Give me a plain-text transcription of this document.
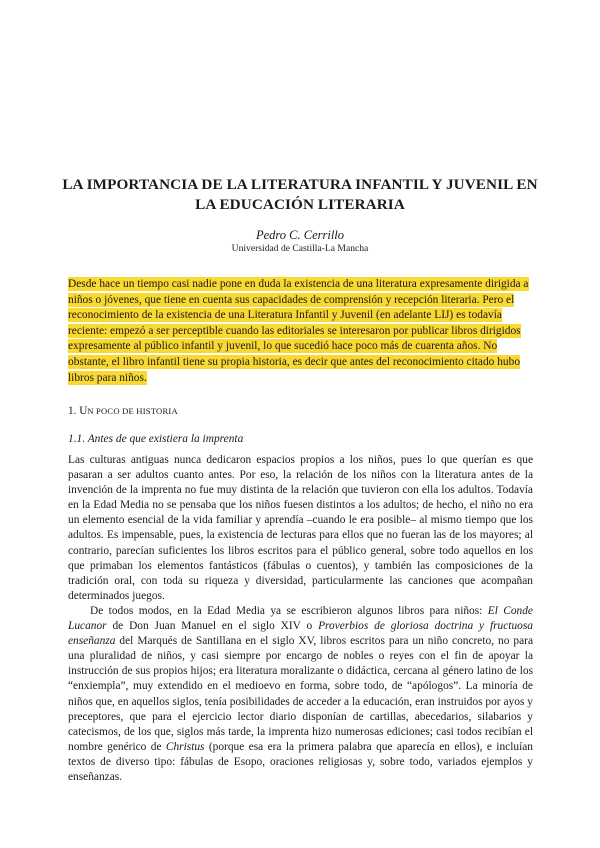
LA IMPORTANCIA DE LA LITERATURA INFANTIL Y JUVENIL EN LA EDUCACIÓN LITERARIA
Pedro C. Cerrillo
Universidad de Castilla-La Mancha
Desde hace un tiempo casi nadie pone en duda la existencia de una literatura expresamente dirigida a niños o jóvenes, que tiene en cuenta sus capacidades de comprensión y recepción literaria. Pero el reconocimiento de la existencia de una Literatura Infantil y Juvenil (en adelante LIJ) es todavía reciente: empezó a ser perceptible cuando las editoriales se interesaron por publicar libros dirigidos expresamente al público infantil y juvenil, lo que sucedió hace poco más de cuarenta años. No obstante, el libro infantil tiene su propia historia, es decir que antes del reconocimiento citado hubo libros para niños.
1. UN POCO DE HISTORIA
1.1. Antes de que existiera la imprenta

Las culturas antiguas nunca dedicaron espacios propios a los niños, pues lo que querían es que pasaran a ser adultos cuanto antes. Por eso, la relación de los niños con la literatura antes de la invención de la imprenta no fue muy distinta de la relación que tuvieron con ella los adultos. Todavía en la Edad Media no se pensaba que los niños fuesen distintos a los adultos; de hecho, el niño no era un elemento esencial de la vida familiar y aprendía –cuando le era posible– al mismo tiempo que los adultos. Es impensable, pues, la existencia de lecturas para ellos que no fueran las de los mayores; al contrario, parecían suficientes los libros escritos para el público general, sobre todo aquellos en los que primaban los elementos fantásticos (fábulas o cuentos), y también las composiciones de la tradición oral, con toda su riqueza y diversidad, particularmente las canciones que acompañan determinados juegos.

De todos modos, en la Edad Media ya se escribieron algunos libros para niños: El Conde Lucanor de Don Juan Manuel en el siglo XIV o Proverbios de gloriosa doctrina y fructuosa enseñanza del Marqués de Santillana en el siglo XV, libros escritos para un niño concreto, no para una pluralidad de niños, y casi siempre por encargo de nobles o reyes con el fin de apoyar la instrucción de sus propios hijos; era literatura moralizante o didáctica, cercana al género latino de los “enxiempla”, muy extendido en el medioevo en forma, sobre todo, de “apólogos”. La minoría de niños que, en aquellos siglos, tenía posibilidades de acceder a la educación, eran instruidos por ayos y preceptores, que para el ejercicio lector diario disponían de cartillas, abecedarios, silabarios y catecismos, de los que, siglos más tarde, la imprenta hizo numerosas ediciones; casi todos recibían el nombre genérico de Christus (porque esa era la primera palabra que aparecía en ellos), e incluían textos de diverso tipo: fábulas de Esopo, oraciones religiosas y, sobre todo, variados ejemplos y enseñanzas.
